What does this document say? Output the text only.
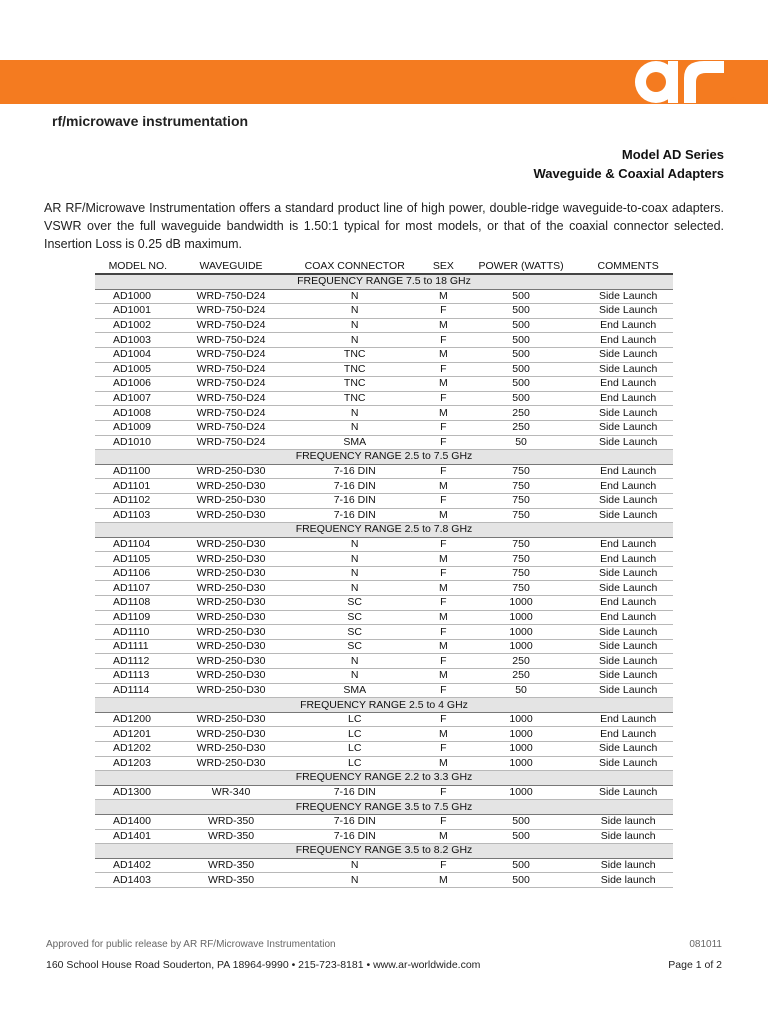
®
rf/microwave instrumentation
Model AD Series
Waveguide & Coaxial Adapters
AR RF/Microwave Instrumentation offers a standard product line of high power, double-ridge waveguide-to-coax adapters. VSWR over the full waveguide bandwidth is 1.50:1 typical for most models, or that of the coaxial connector selected. Insertion Loss is 0.25 dB maximum.
MODEL NO.	WAVEGUIDE	COAX CONNECTOR	SEX	POWER (WATTS)	COMMENTS
FREQUENCY RANGE 7.5 to 18 GHz					
AD1000	WRD-750-D24	N	M	500	Side Launch
AD1001	WRD-750-D24	N	F	500	Side Launch
AD1002	WRD-750-D24	N	M	500	End Launch
AD1003	WRD-750-D24	N	F	500	End Launch
AD1004	WRD-750-D24	TNC	M	500	Side Launch
AD1005	WRD-750-D24	TNC	F	500	Side Launch
AD1006	WRD-750-D24	TNC	M	500	End Launch
AD1007	WRD-750-D24	TNC	F	500	End Launch
AD1008	WRD-750-D24	N	M	250	Side Launch
AD1009	WRD-750-D24	N	F	250	Side Launch
AD1010	WRD-750-D24	SMA	F	50	Side Launch
FREQUENCY RANGE 2.5 to 7.5 GHz					
AD1100	WRD-250-D30	7-16 DIN	F	750	End Launch
AD1101	WRD-250-D30	7-16 DIN	M	750	End Launch
AD1102	WRD-250-D30	7-16 DIN	F	750	Side Launch
AD1103	WRD-250-D30	7-16 DIN	M	750	Side Launch
FREQUENCY RANGE 2.5 to 7.8 GHz					
AD1104	WRD-250-D30	N	F	750	End Launch
AD1105	WRD-250-D30	N	M	750	End Launch
AD1106	WRD-250-D30	N	F	750	Side Launch
AD1107	WRD-250-D30	N	M	750	Side Launch
AD1108	WRD-250-D30	SC	F	1000	End Launch
AD1109	WRD-250-D30	SC	M	1000	End Launch
AD1110	WRD-250-D30	SC	F	1000	Side Launch
AD1111	WRD-250-D30	SC	M	1000	Side Launch
AD1112	WRD-250-D30	N	F	250	Side Launch
AD1113	WRD-250-D30	N	M	250	Side Launch
AD1114	WRD-250-D30	SMA	F	50	Side Launch
FREQUENCY RANGE 2.5 to 4 GHz					
AD1200	WRD-250-D30	LC	F	1000	End Launch
AD1201	WRD-250-D30	LC	M	1000	End Launch
AD1202	WRD-250-D30	LC	F	1000	Side Launch
AD1203	WRD-250-D30	LC	M	1000	Side Launch
FREQUENCY RANGE 2.2 to 3.3 GHz					
AD1300	WR-340	7-16 DIN	F	1000	Side Launch
FREQUENCY RANGE 3.5 to 7.5 GHz					
AD1400	WRD-350	7-16 DIN	F	500	Side launch
AD1401	WRD-350	7-16 DIN	M	500	Side launch
FREQUENCY RANGE 3.5 to 8.2 GHz					
AD1402	WRD-350	N	F	500	Side launch
AD1403	WRD-350	N	M	500	Side launch
Approved for public release by AR RF/Microwave Instrumentation	081011
160 School House Road Souderton, PA 18964-9990 • 215-723-8181 • www.ar-worldwide.com	Page 1 of 2
